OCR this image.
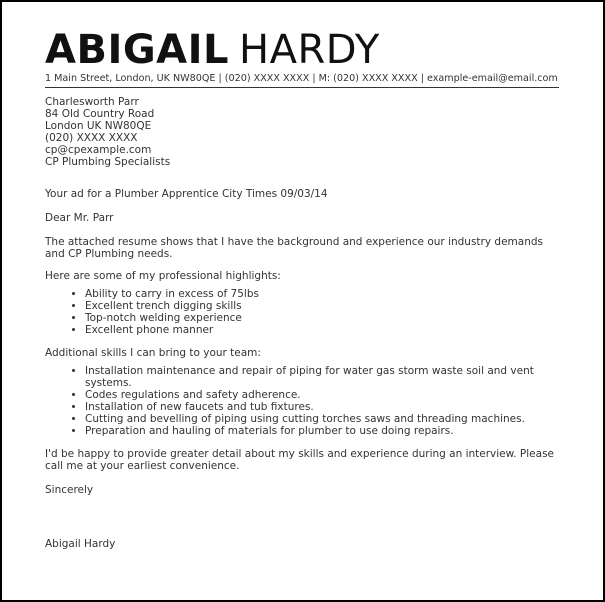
ABIGAIL HARDY
1 Main Street, London, UK NW80QE | (020) XXXX XXXX | M: (020) XXXX XXXX | example-email@email.com
Charlesworth Parr
84 Old Country Road
London UK NW80QE
(020) XXXX XXXX
cp@cpexample.com
CP Plumbing Specialists
Your ad for a Plumber Apprentice City Times 09/03/14
Dear Mr. Parr
The attached resume shows that I have the background and experience our industry demands and CP Plumbing needs.
Here are some of my professional highlights:
• Ability to carry in excess of 75lbs
• Excellent trench digging skills
• Top-notch welding experience
• Excellent phone manner
Additional skills I can bring to your team:
• Installation maintenance and repair of piping for water gas storm waste soil and vent systems.
• Codes regulations and safety adherence.
• Installation of new faucets and tub fixtures.
• Cutting and bevelling of piping using cutting torches saws and threading machines.
• Preparation and hauling of materials for plumber to use doing repairs.
I'd be happy to provide greater detail about my skills and experience during an interview. Please call me at your earliest convenience.
Sincerely
Abigail Hardy
